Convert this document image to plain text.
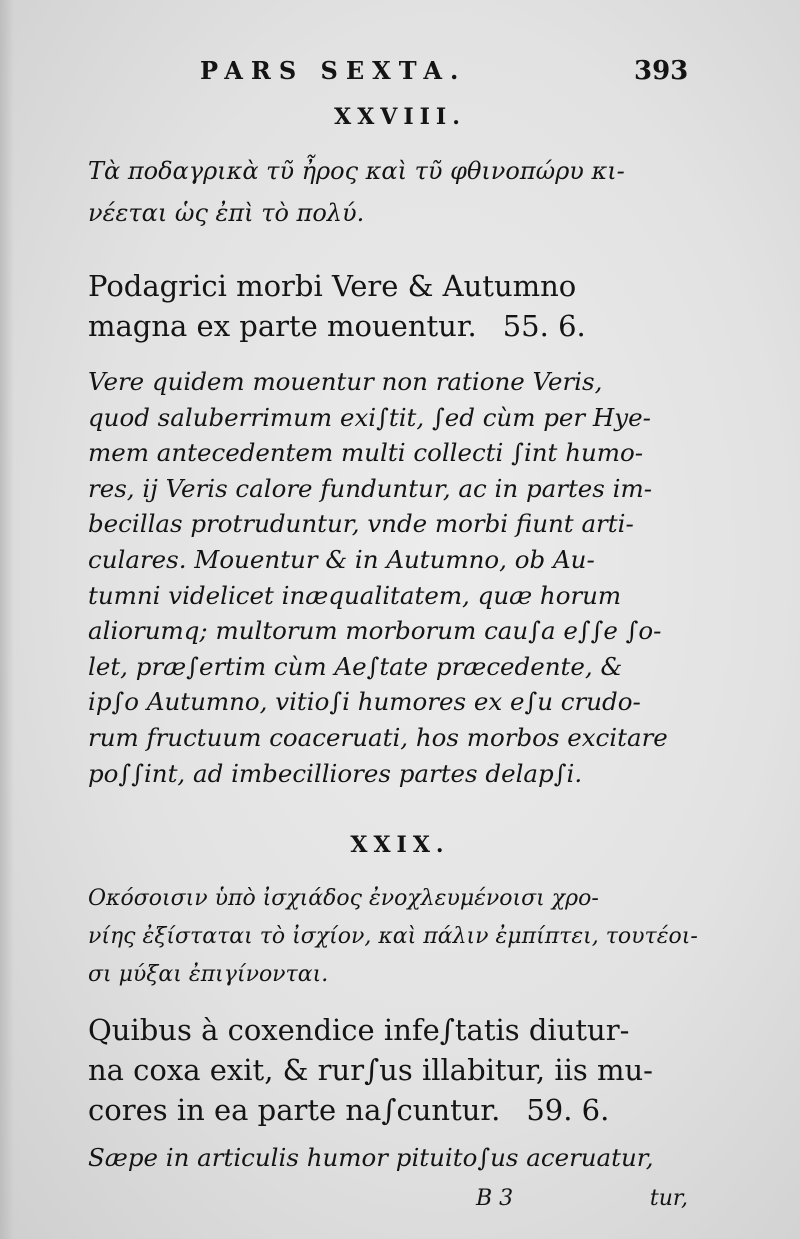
PARS SEXTA.	393
XXVIII.
Τὰ ποδαγρικὰ τῦ ἦρος καὶ τῦ φθινοπώρυ κι-
νέεται ὡς ἐπὶ τὸ πολύ.
Podagrici morbi Vere & Autumno
magna ex parte mouentur. 55. 6.
Vere quidem mouentur non ratione Veris,
quod saluberrimum exi∫tit, ∫ed cùm per Hye-
mem antecedentem multi collecti ∫int humo-
res, ij Veris calore funduntur, ac in partes im-
becillas protruduntur, vnde morbi fiunt arti-
culares. Mouentur & in Autumno, ob Au-
tumni videlicet inæqualitatem, quæ horum
aliorumq; multorum morborum cau∫a e∫∫e ∫o-
let, præ∫ertim cùm Ae∫tate præcedente, &
ip∫o Autumno, vitio∫i humores ex e∫u crudo-
rum fructuum coaceruati, hos morbos excitare
po∫∫int, ad imbecilliores partes delap∫i.
XXIX.
Οκόσοισιν ὑπὸ ἰσχιάδος ἐνοχλευμένοισι χρο-
νίης ἐξίσταται τὸ ἰσχίον, καὶ πάλιν ἐμπίπτει, τουτέοι-
σι μύξαι ἐπιγίνονται.
Quibus à coxendice infe∫tatis diutur-
na coxa exit, & rur∫us illabitur, iis mu-
cores in ea parte na∫cuntur. 59. 6.
Sæpe in articulis humor pituito∫us aceruatur,
B 3	tur,
